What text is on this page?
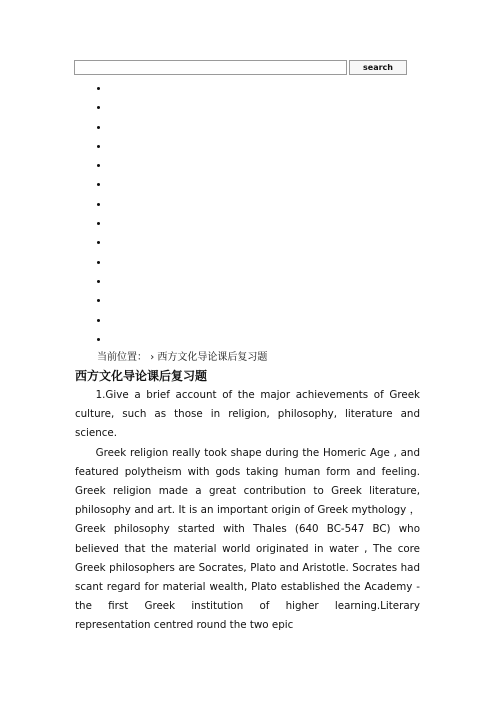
search
当前位置： › 西方文化导论课后复习题
西方文化导论课后复习题

1.Give a brief account of the major achievements of Greek culture, such as those in religion, philosophy, literature and science.

Greek religion really took shape during the Homeric Age , and featured polytheism with gods taking human form and feeling. Greek religion made a great contribution to Greek literature, philosophy and art. It is an important origin of Greek mythology ，Greek philosophy started with Thales (640 BC-547 BC) who believed that the material world originated in water , The core Greek philosophers are Socrates, Plato and Aristotle. Socrates had scant regard for material wealth, Plato established the Academy - the first Greek institution of higher learning.Literary representation centred round the two epic
